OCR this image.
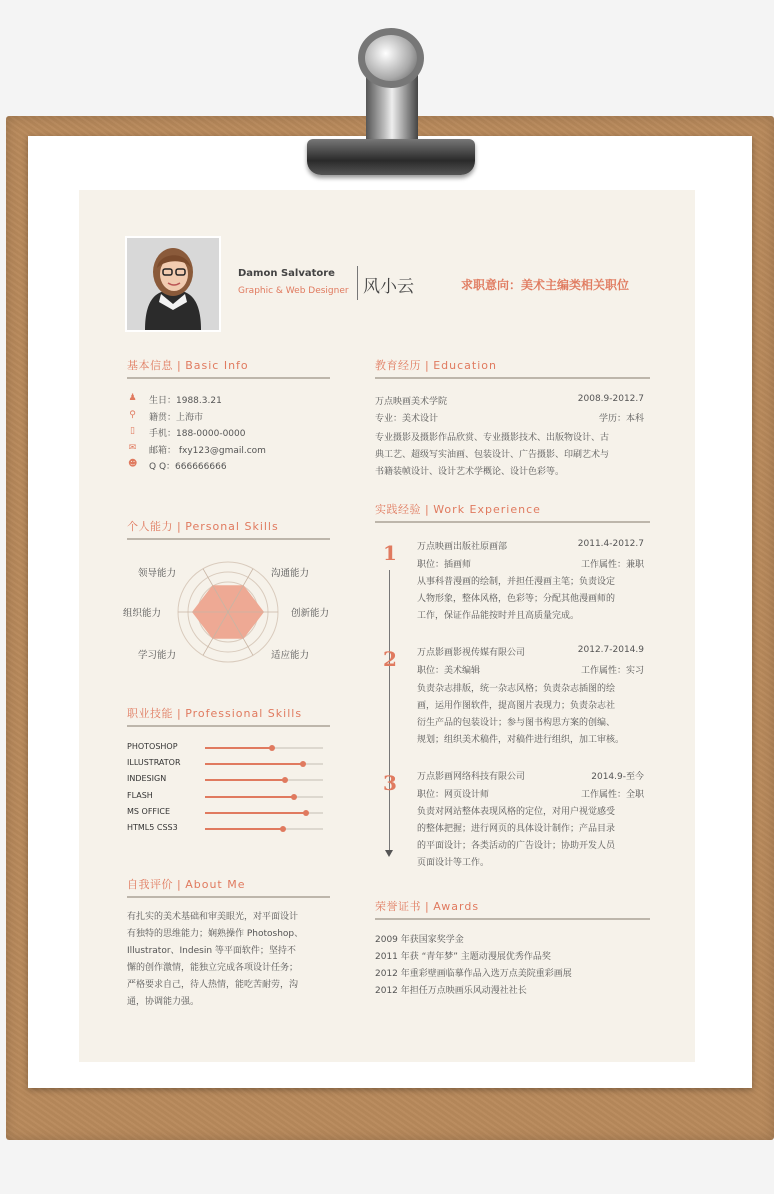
Damon Salvatore
Graphic & Web Designer 风小云	求职意向：美术主编类相关职位
基本信息 | Basic Info
♟ 生日：1988.3.21
⚲ 籍贯：上海市
▯ 手机：188-0000-0000
✉ 邮箱： fxy123@gmail.com
☻ Q Q：666666666
个人能力 | Personal Skills
领导能力	沟通能力
创新能力
适应能力
学习能力
组织能力
职业技能 | Professional Skills
PHOTOSHOP
ILLUSTRATOR
INDESIGN
FLASH
MS OFFICE
HTML5 CSS3
自我评价 | About Me
有扎实的美术基础和审美眼光，对平面设计
有独特的思维能力；娴熟操作 Photoshop、
Illustrator、Indesin 等平面软件；坚持不
懈的创作激情，能独立完成各项设计任务；
严格要求自己，待人热情，能吃苦耐劳，沟
通，协调能力强。
教育经历 | Education
万点映画美术学院	2008.9-2012.7
专业：美术设计	学历：本科
专业摄影及摄影作品欣赏、专业摄影技术、出版物设计、古
典工艺、超级写实油画、包装设计、广告摄影、印刷艺术与
书籍装帧设计、设计艺术学概论、设计色彩等。
实践经验 | Work Experience
1 万点映画出版社原画部	2011.4-2012.7
职位：插画师	工作属性：兼职
从事科普漫画的绘制，并担任漫画主笔；负责设定
人物形象，整体风格，色彩等；分配其他漫画师的
工作，保证作品能按时并且高质量完成。
2 万点影画影视传媒有限公司	2012.7-2014.9
职位：美术编辑	工作属性：实习
负责杂志排版，统一杂志风格；负责杂志插图的绘
画，运用作图软件，提高图片表现力；负责杂志社
衍生产品的包装设计；参与图书构思方案的创编、
规划；组织美术稿件，对稿件进行组织，加工审核。
3 万点影画网络科技有限公司	2014.9-至今
职位：网页设计师	工作属性：全职
负责对网站整体表现风格的定位，对用户视觉感受
的整体把握；进行网页的具体设计制作；产品目录
的平面设计；各类活动的广告设计；协助开发人员
页面设计等工作。
荣誉证书 | Awards
2009 年获国家奖学金
2011 年获 “青年梦” 主题动漫展优秀作品奖
2012 年重彩壁画临摹作品入选万点美院重彩画展
2012 年担任万点映画乐风动漫社社长
